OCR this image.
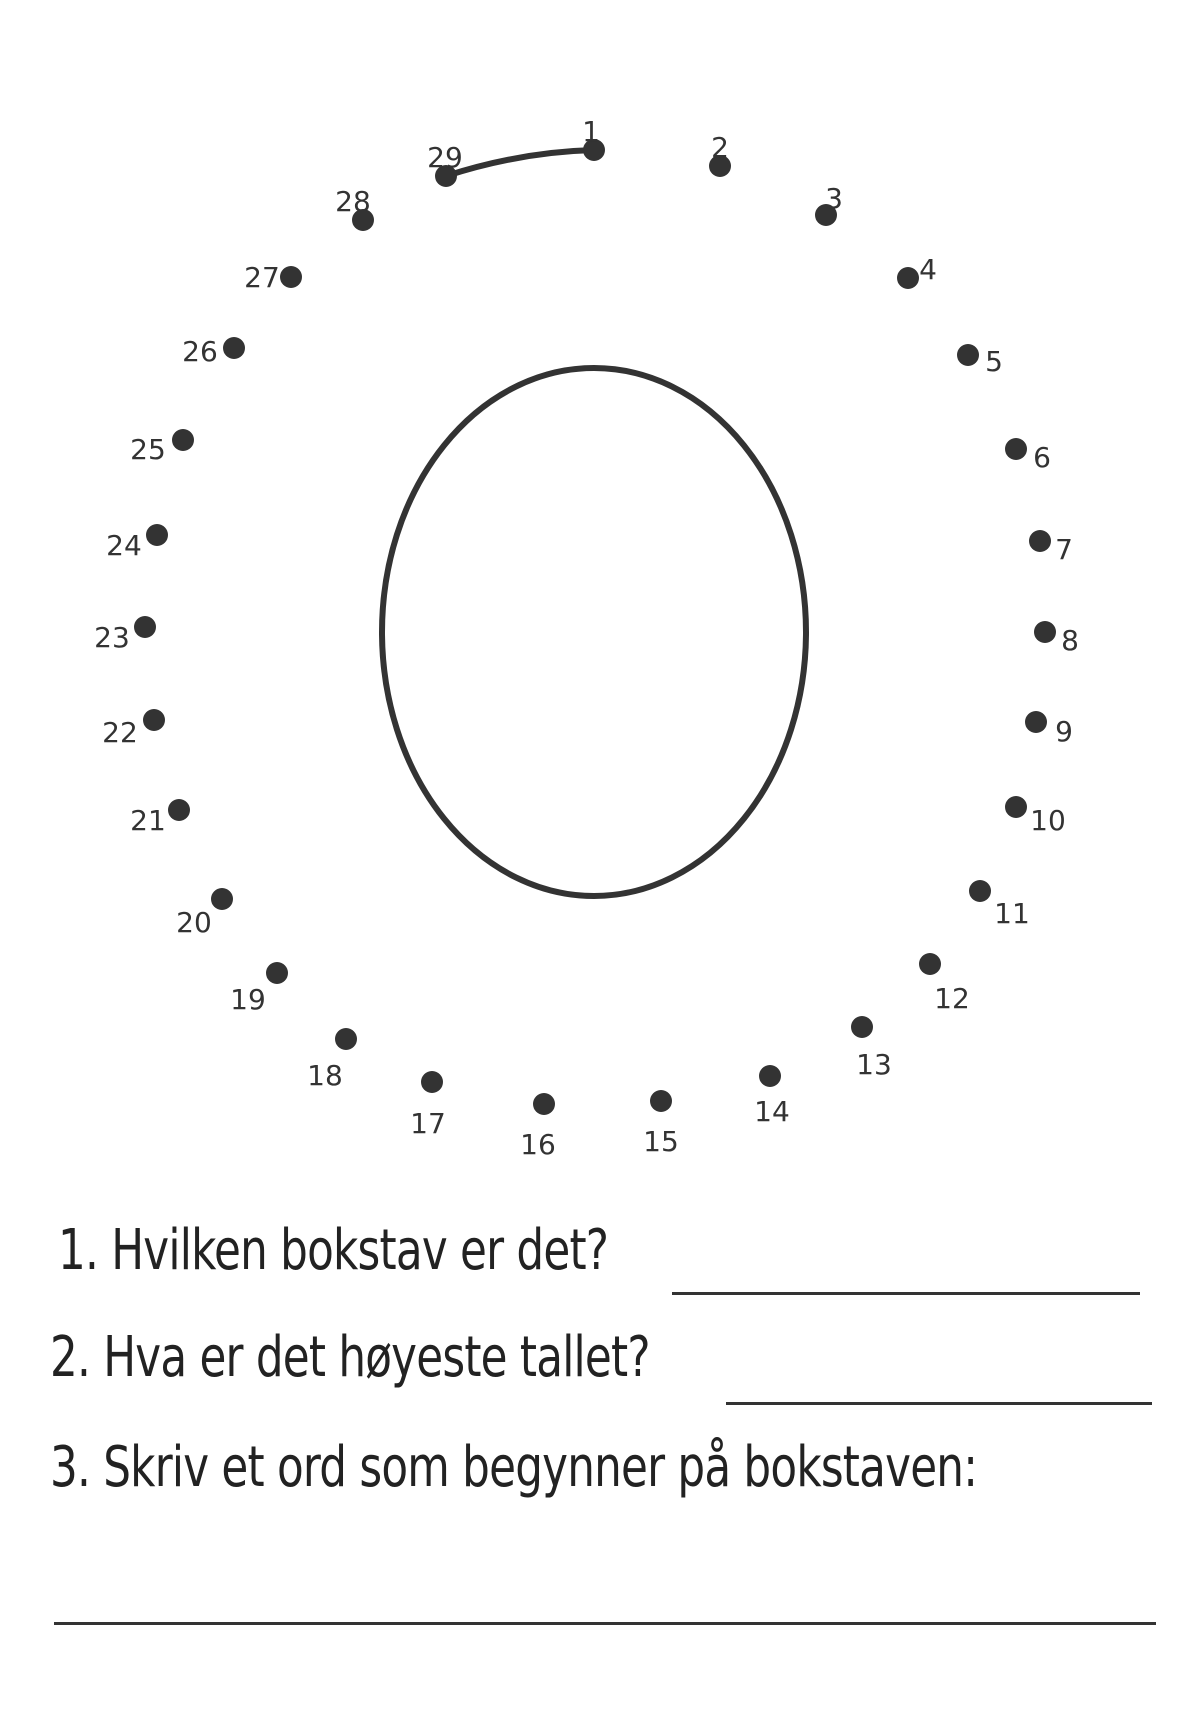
1	2
3
4
5
6
7
8
9
10
11
12
13
14
15
16
17
18
19
20
21
22
23
24
25
26
27
28
29
1. Hvilken bokstav er det?
2. Hva er det høyeste tallet?
3. Skriv et ord som begynner på bokstaven:
